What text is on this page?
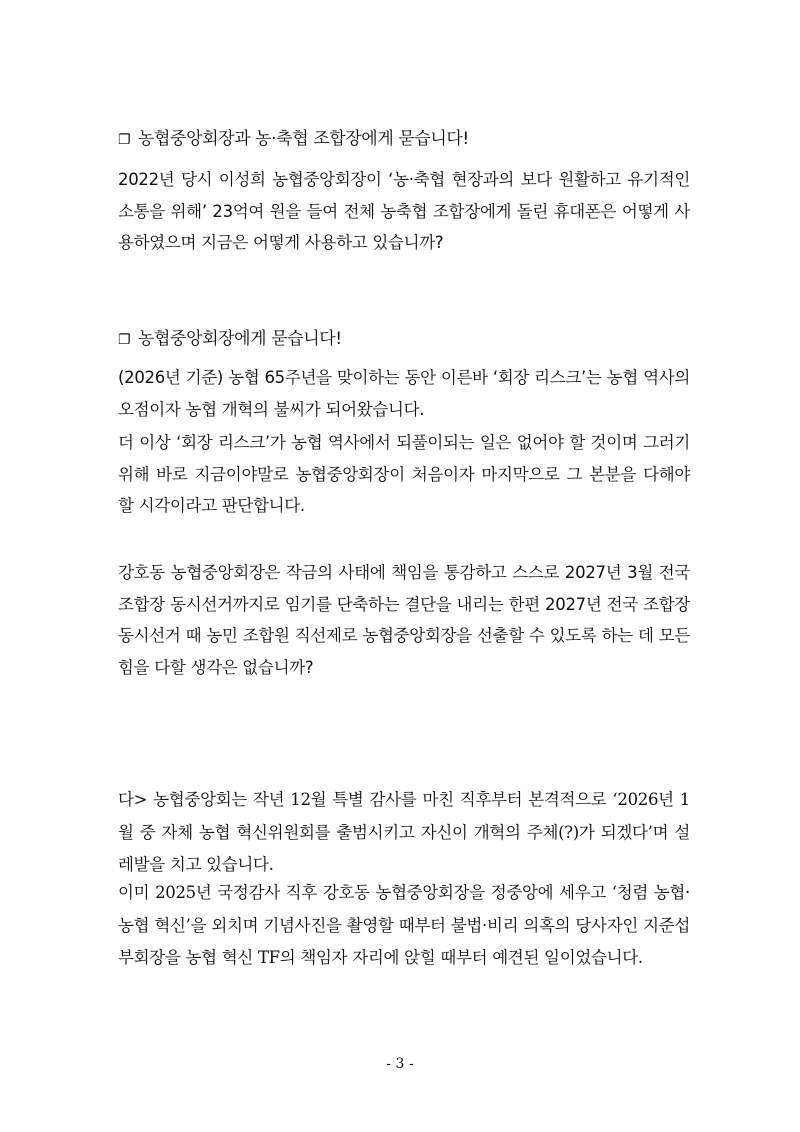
❐ 농협중앙회장과 농·축협 조합장에게 묻습니다!

2022년 당시 이성희 농협중앙회장이 ‘농·축협 현장과의 보다 원활하고 유기적인 소통을 위해’ 23억여 원을 들여 전체 농축협 조합장에게 돌린 휴대폰은 어떻게 사용하였으며 지금은 어떻게 사용하고 있습니까?

❐ 농협중앙회장에게 묻습니다!

(2026년 기준) 농협 65주년을 맞이하는 동안 이른바 ‘회장 리스크’는 농협 역사의 오점이자 농협 개혁의 불씨가 되어왔습니다.

더 이상 ‘회장 리스크’가 농협 역사에서 되풀이되는 일은 없어야 할 것이며 그러기 위해 바로 지금이야말로 농협중앙회장이 처음이자 마지막으로 그 본분을 다해야 할 시각이라고 판단합니다.

강호동 농협중앙회장은 작금의 사태에 책임을 통감하고 스스로 2027년 3월 전국 조합장 동시선거까지로 임기를 단축하는 결단을 내리는 한편 2027년 전국 조합장 동시선거 때 농민 조합원 직선제로 농협중앙회장을 선출할 수 있도록 하는 데 모든 힘을 다할 생각은 없습니까?

다> 농협중앙회는 작년 12월 특별 감사를 마친 직후부터 본격적으로 ‘2026년 1월 중 자체 농협 혁신위원회를 출범시키고 자신이 개혁의 주체(?)가 되겠다’며 설레발을 치고 있습니다.

이미 2025년 국정감사 직후 강호동 농협중앙회장을 정중앙에 세우고 ‘청렴 농협·농협 혁신’을 외치며 기념사진을 촬영할 때부터 불법·비리 의혹의 당사자인 지준섭 부회장을 농협 혁신 TF의 책임자 자리에 앉힐 때부터 예견된 일이었습니다.

- 3 -
